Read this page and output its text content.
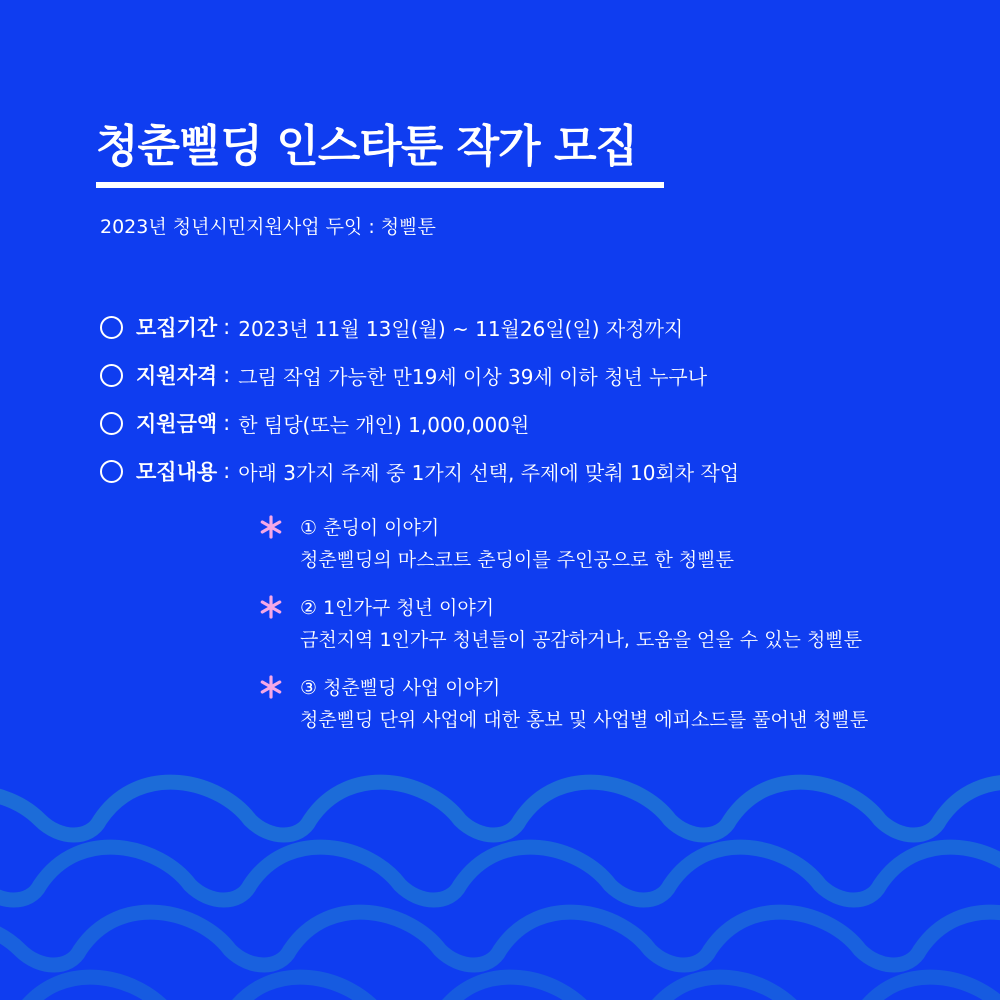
청춘삘딩 인스타툰 작가 모집
2023년 청년시민지원사업 두잇 : 청삘툰
모집기간 : 2023년 11월 13일(월) ~ 11월26일(일) 자정까지
지원자격 : 그림 작업 가능한 만19세 이상 39세 이하 청년 누구나
지원금액 : 한 팀당(또는 개인) 1,000,000원
모집내용 : 아래 3가지 주제 중 1가지 선택, 주제에 맞춰 10회차 작업
① 춘딩이 이야기
청춘삘딩의 마스코트 춘딩이를 주인공으로 한 청삘툰
② 1인가구 청년 이야기
금천지역 1인가구 청년들이 공감하거나, 도움을 얻을 수 있는 청삘툰
③ 청춘삘딩 사업 이야기
청춘삘딩 단위 사업에 대한 홍보 및 사업별 에피소드를 풀어낸 청삘툰
